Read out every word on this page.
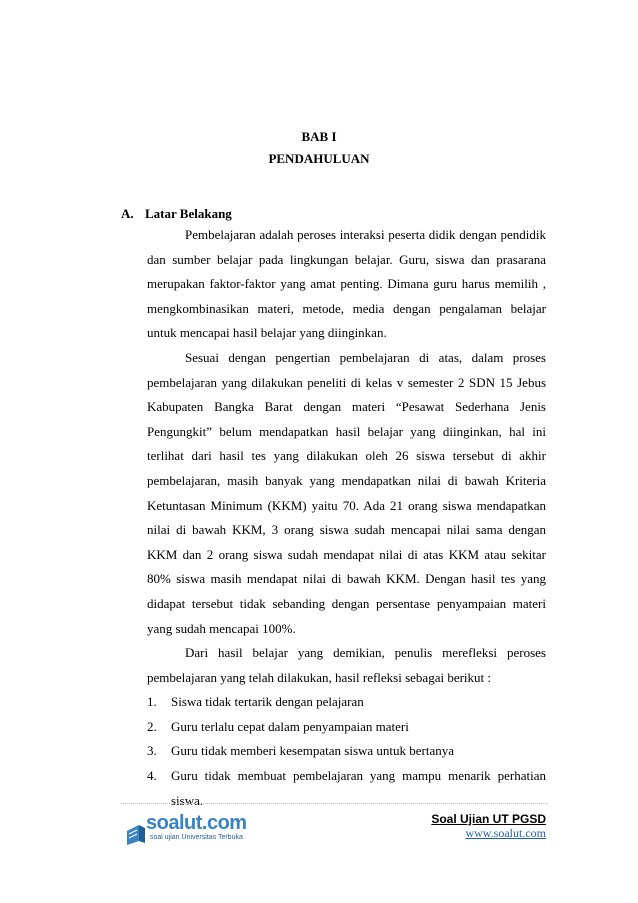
BAB I
PENDAHULUAN
A. Latar Belakang

Pembelajaran adalah peroses interaksi peserta didik dengan pendidik dan sumber belajar pada lingkungan belajar. Guru, siswa dan prasarana merupakan faktor-faktor yang amat penting. Dimana guru harus memilih , mengkombinasikan materi, metode, media dengan pengalaman belajar untuk mencapai hasil belajar yang diinginkan.

Sesuai dengan pengertian pembelajaran di atas, dalam proses pembelajaran yang dilakukan peneliti di kelas v semester 2 SDN 15 Jebus Kabupaten Bangka Barat dengan materi “Pesawat Sederhana Jenis Pengungkit” belum mendapatkan hasil belajar yang diinginkan, hal ini terlihat dari hasil tes yang dilakukan oleh 26 siswa tersebut di akhir pembelajaran, masih banyak yang mendapatkan nilai di bawah Kriteria Ketuntasan Minimum (KKM) yaitu 70. Ada 21 orang siswa mendapatkan nilai di bawah KKM, 3 orang siswa sudah mencapai nilai sama dengan KKM dan 2 orang siswa sudah mendapat nilai di atas KKM atau sekitar 80% siswa masih mendapat nilai di bawah KKM. Dengan hasil tes yang didapat tersebut tidak sebanding dengan persentase penyampaian materi yang sudah mencapai 100%.

Dari hasil belajar yang demikian, penulis merefleksi peroses pembelajaran yang telah dilakukan, hasil refleksi sebagai berikut :

1. Siswa tidak tertarik dengan pelajaran
2. Guru terlalu cepat dalam penyampaian materi
3. Guru tidak memberi kesempatan siswa untuk bertanya
4. Guru tidak membuat pembelajaran yang mampu menarik perhatian siswa.
soalut.com
soal ujian Universitas Terbuka
Soal Ujian UT PGSD
www.soalut.com
